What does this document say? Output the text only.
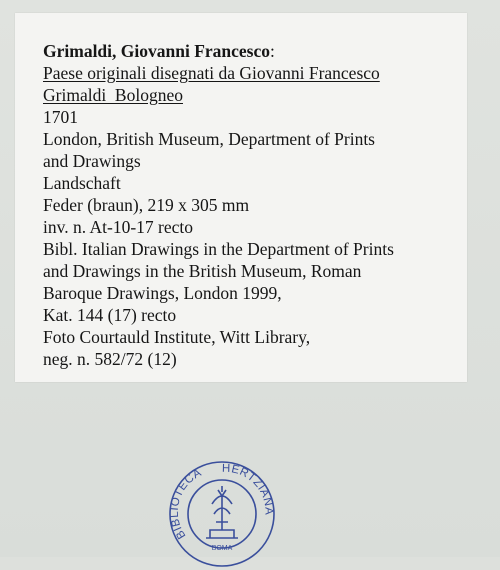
Grimaldi, Giovanni Francesco:
Paese originali disegnati da Giovanni Francesco
Grimaldi  Bologneo
1701
London, British Museum, Department of Prints
and Drawings
Landschaft
Feder (braun), 219 x 305 mm
inv. n. At-10-17 recto
Bibl. Italian Drawings in the Department of Prints
and Drawings in the British Museum, Roman
Baroque Drawings, London 1999,
Kat. 144 (17) recto
Foto Courtauld Institute, Witt Library,
neg. n. 582/72 (12)
BIBLIOTECA HERTZIANA
BOMA
